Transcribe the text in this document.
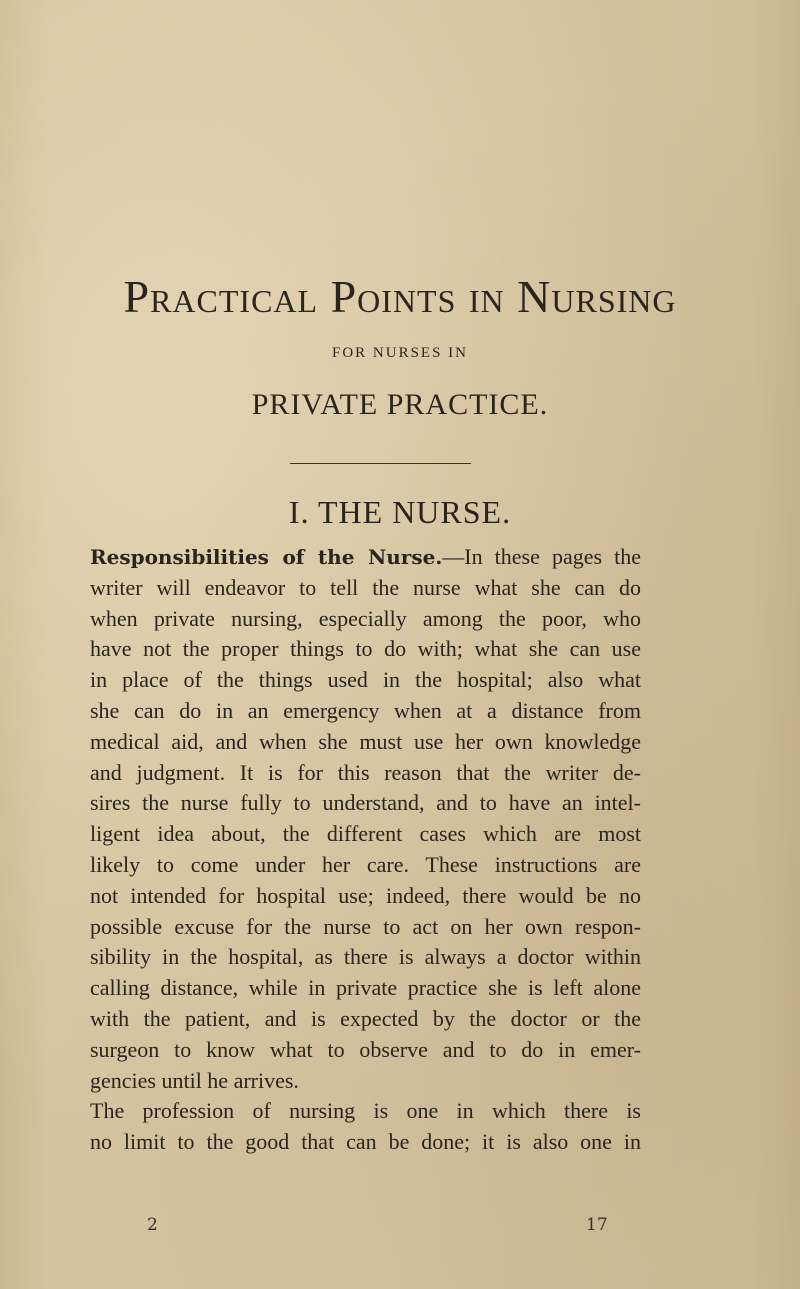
Practical Points in Nursing

FOR NURSES IN

PRIVATE PRACTICE.

I. THE NURSE.
Responsibilities of the Nurse.—In these pages the
writer will endeavor to tell the nurse what she can do
when private nursing, especially among the poor, who
have not the proper things to do with; what she can use
in place of the things used in the hospital; also what
she can do in an emergency when at a distance from
medical aid, and when she must use her own knowledge
and judgment. It is for this reason that the writer de-
sires the nurse fully to understand, and to have an intel-
ligent idea about, the different cases which are most
likely to come under her care. These instructions are
not intended for hospital use; indeed, there would be no
possible excuse for the nurse to act on her own respon-
sibility in the hospital, as there is always a doctor within
calling distance, while in private practice she is left alone
with the patient, and is expected by the doctor or the
surgeon to know what to observe and to do in emer-
gencies until he arrives.
The profession of nursing is one in which there is
no limit to the good that can be done; it is also one in
2	17
